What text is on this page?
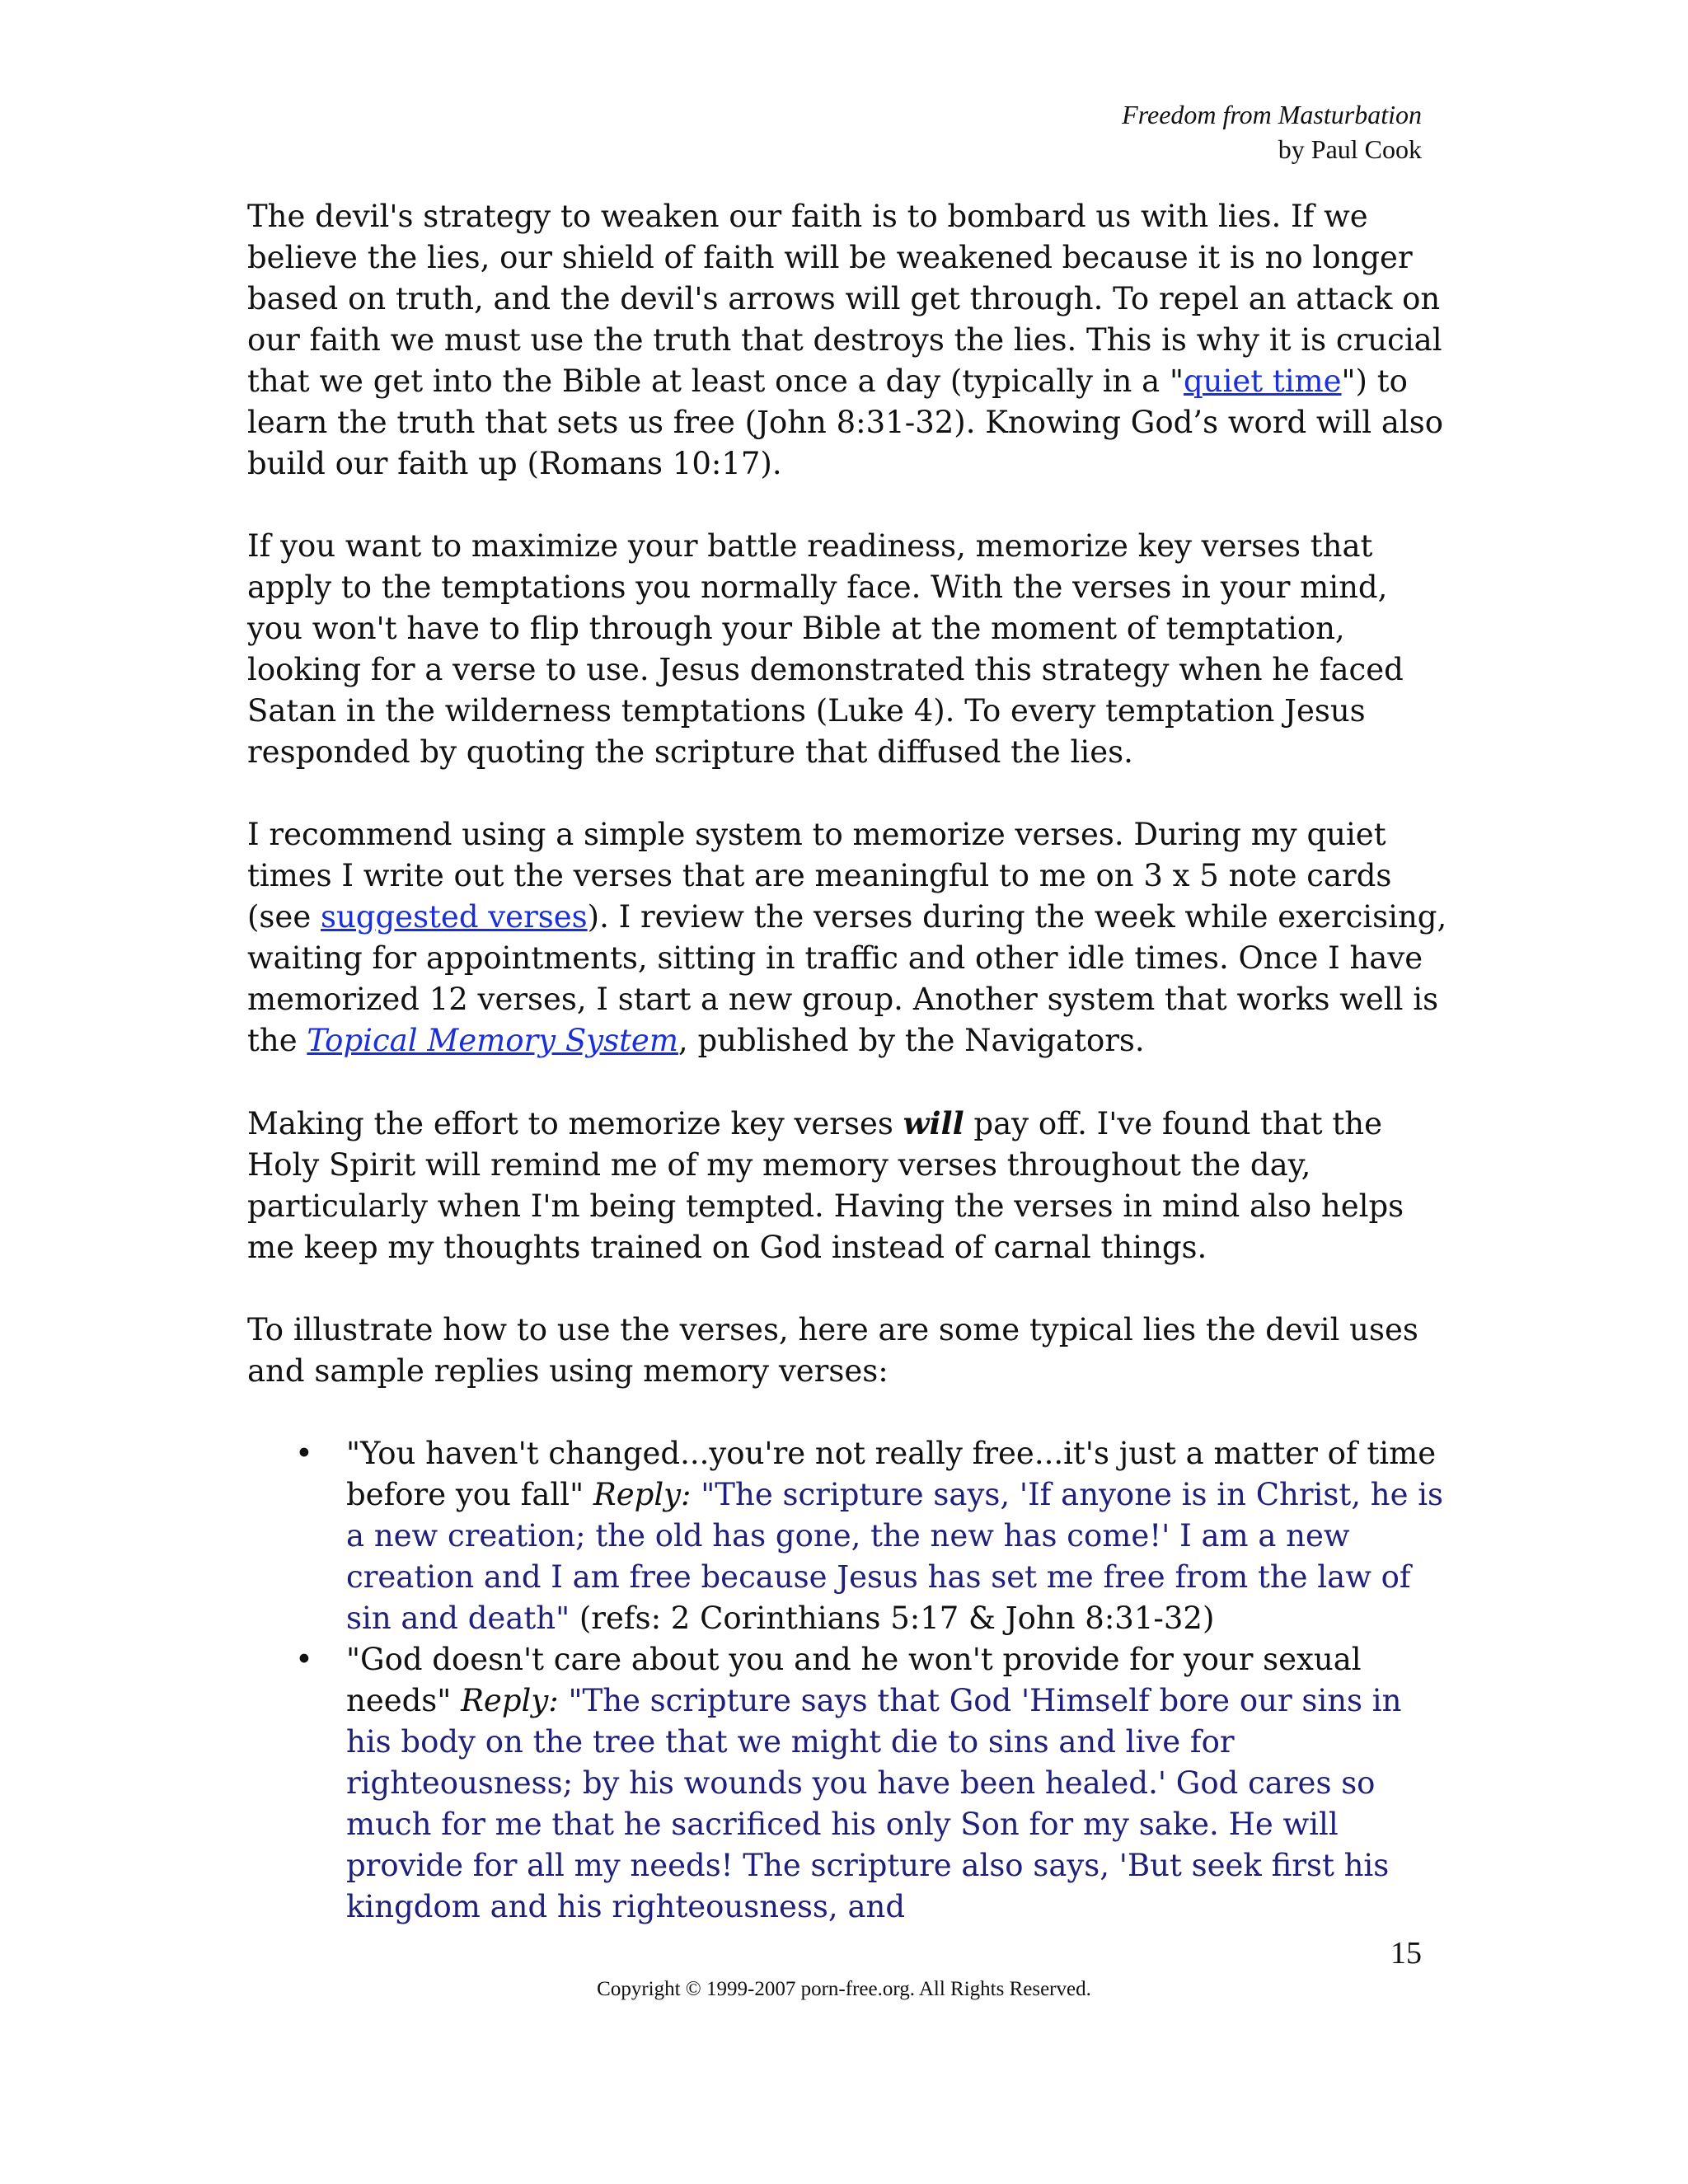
Freedom from Masturbation
by Paul Cook

The devil's strategy to weaken our faith is to bombard us with lies. If we believe the lies, our shield of faith will be weakened because it is no longer based on truth, and the devil's arrows will get through. To repel an attack on our faith we must use the truth that destroys the lies. This is why it is crucial that we get into the Bible at least once a day (typically in a "quiet time") to learn the truth that sets us free (John 8:31-32). Knowing God’s word will also build our faith up (Romans 10:17).

If you want to maximize your battle readiness, memorize key verses that apply to the temptations you normally face. With the verses in your mind, you won't have to flip through your Bible at the moment of temptation, looking for a verse to use. Jesus demonstrated this strategy when he faced Satan in the wilderness temptations (Luke 4). To every temptation Jesus responded by quoting the scripture that diffused the lies.

I recommend using a simple system to memorize verses. During my quiet times I write out the verses that are meaningful to me on 3 x 5 note cards (see suggested verses). I review the verses during the week while exercising, waiting for appointments, sitting in traffic and other idle times. Once I have memorized 12 verses, I start a new group. Another system that works well is the Topical Memory System, published by the Navigators.

Making the effort to memorize key verses will pay off. I've found that the Holy Spirit will remind me of my memory verses throughout the day, particularly when I'm being tempted. Having the verses in mind also helps me keep my thoughts trained on God instead of carnal things.

To illustrate how to use the verses, here are some typical lies the devil uses and sample replies using memory verses:

• "You haven't changed...you're not really free...it's just a matter of time before you fall" Reply: "The scripture says, 'If anyone is in Christ, he is a new creation; the old has gone, the new has come!' I am a new creation and I am free because Jesus has set me free from the law of sin and death" (refs: 2 Corinthians 5:17 & John 8:31-32)
• "God doesn't care about you and he won't provide for your sexual needs" Reply: "The scripture says that God 'Himself bore our sins in his body on the tree that we might die to sins and live for righteousness; by his wounds you have been healed.' God cares so much for me that he sacrificed his only Son for my sake. He will provide for all my needs! The scripture also says, 'But seek first his kingdom and his righteousness, and
15
Copyright © 1999-2007 porn-free.org. All Rights Reserved.
